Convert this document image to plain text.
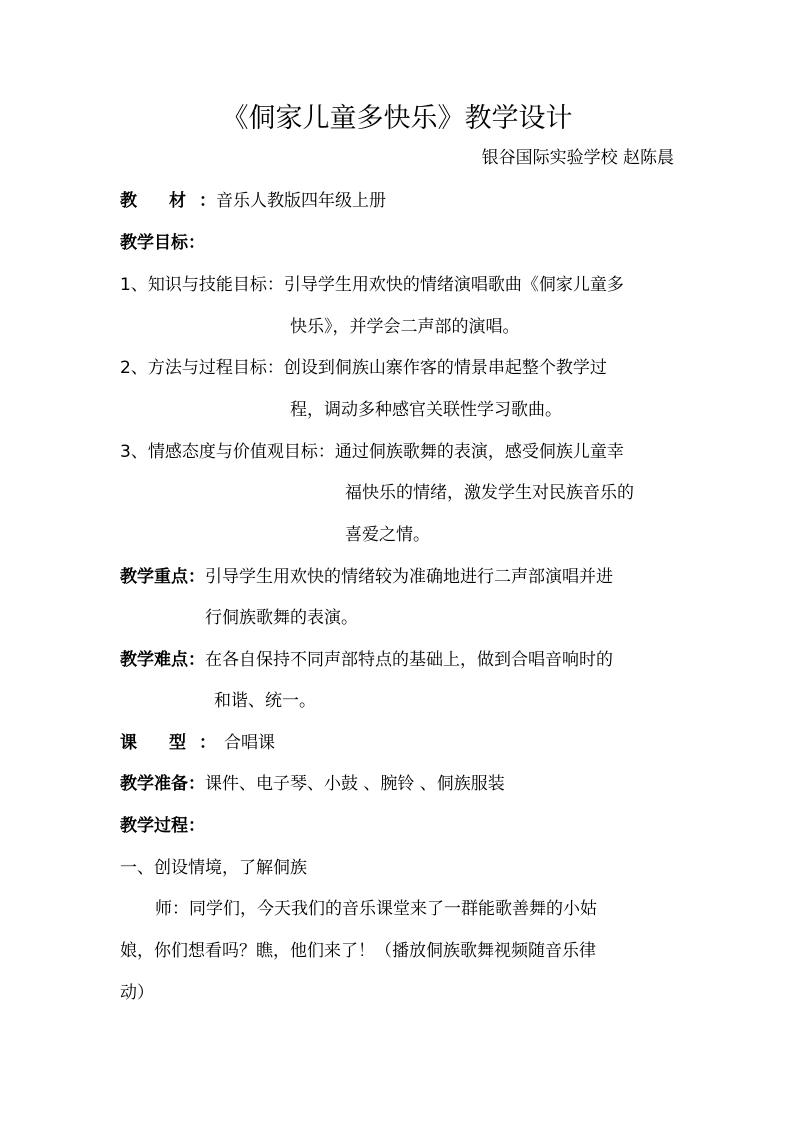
《侗家儿童多快乐》教学设计
银谷国际实验学校 赵陈晨
教 材：音乐人教版四年级上册
教学目标：
1、知识与技能目标：引导学生用欢快的情绪演唱歌曲《侗家儿童多
快乐》，并学会二声部的演唱。
2、方法与过程目标：创设到侗族山寨作客的情景串起整个教学过
程，调动多种感官关联性学习歌曲。
3、情感态度与价值观目标：通过侗族歌舞的表演，感受侗族儿童幸
福快乐的情绪，激发学生对民族音乐的
喜爱之情。
教学重点：引导学生用欢快的情绪较为准确地进行二声部演唱并进
行侗族歌舞的表演。
教学难点：在各自保持不同声部特点的基础上，做到合唱音响时的
和谐、统一。
课 型： 合唱课
教学准备：课件、电子琴、小鼓 、腕铃 、侗族服装
教学过程：
一、创设情境，了解侗族
师：同学们，今天我们的音乐课堂来了一群能歌善舞的小姑
娘，你们想看吗？瞧，他们来了！（播放侗族歌舞视频随音乐律
动）
